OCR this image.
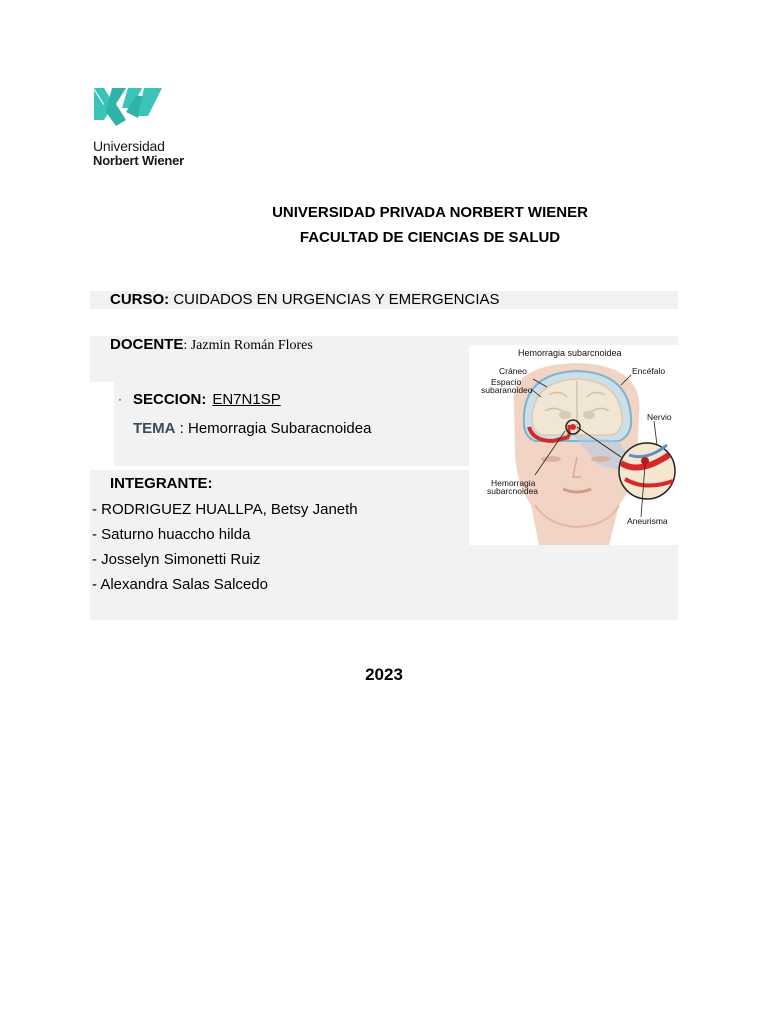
Universidad
Norbert Wiener
UNIVERSIDAD PRIVADA NORBERT WIENER
FACULTAD DE CIENCIAS DE SALUD
CURSO: CUIDADOS EN URGENCIAS Y EMERGENCIAS
DOCENTE: Jazmin Román Flores
· SECCION: EN7N1SP
TEMA : Hemorragia Subaracnoidea
INTEGRANTE:
- RODRIGUEZ HUALLPA, Betsy Janeth
- Saturno huaccho hilda
- Josselyn Simonetti Ruiz
- Alexandra Salas Salcedo
2023
Hemorragia subarcnoidea
Cráneo
Espacio
subaranoideo
Encéfalo
Nervio
Hemorragia
subarcnoidea
Aneurisma
